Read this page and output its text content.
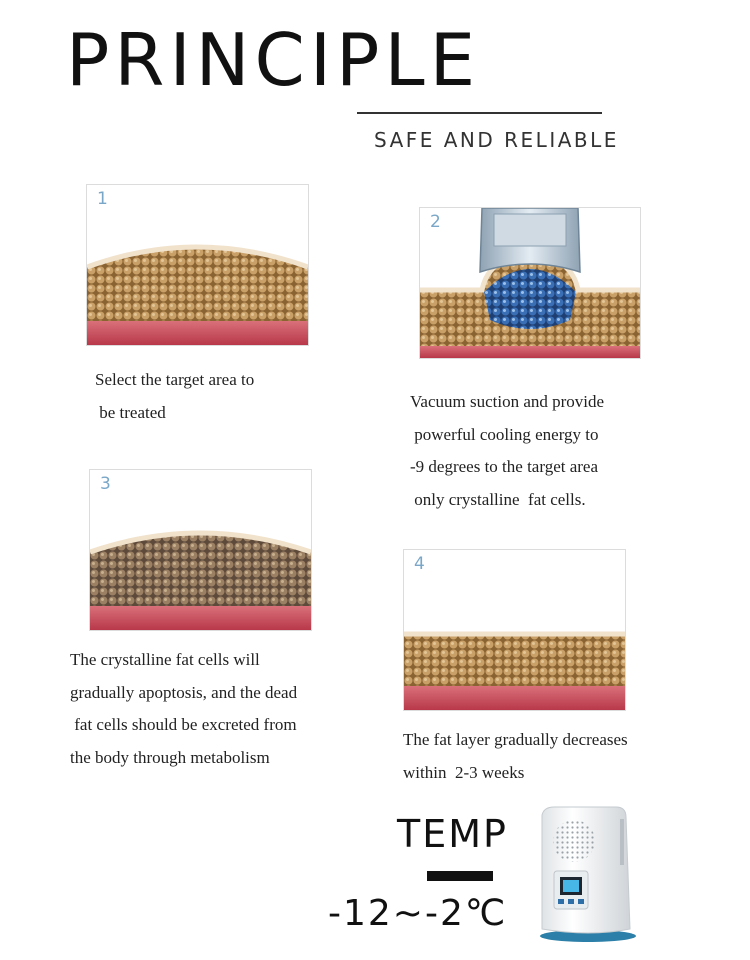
PRINCIPLE
SAFE AND RELIABLE
1
Select the target area to
be treated
2
Vacuum suction and provide
powerful cooling energy to
-9 degrees to the target area
only crystalline  fat cells.
3
The crystalline fat cells will
gradually apoptosis, and the dead
fat cells should be excreted from
the body through metabolism
4
The fat layer gradually decreases
within  2-3 weeks
TEMP
-12~-2℃
